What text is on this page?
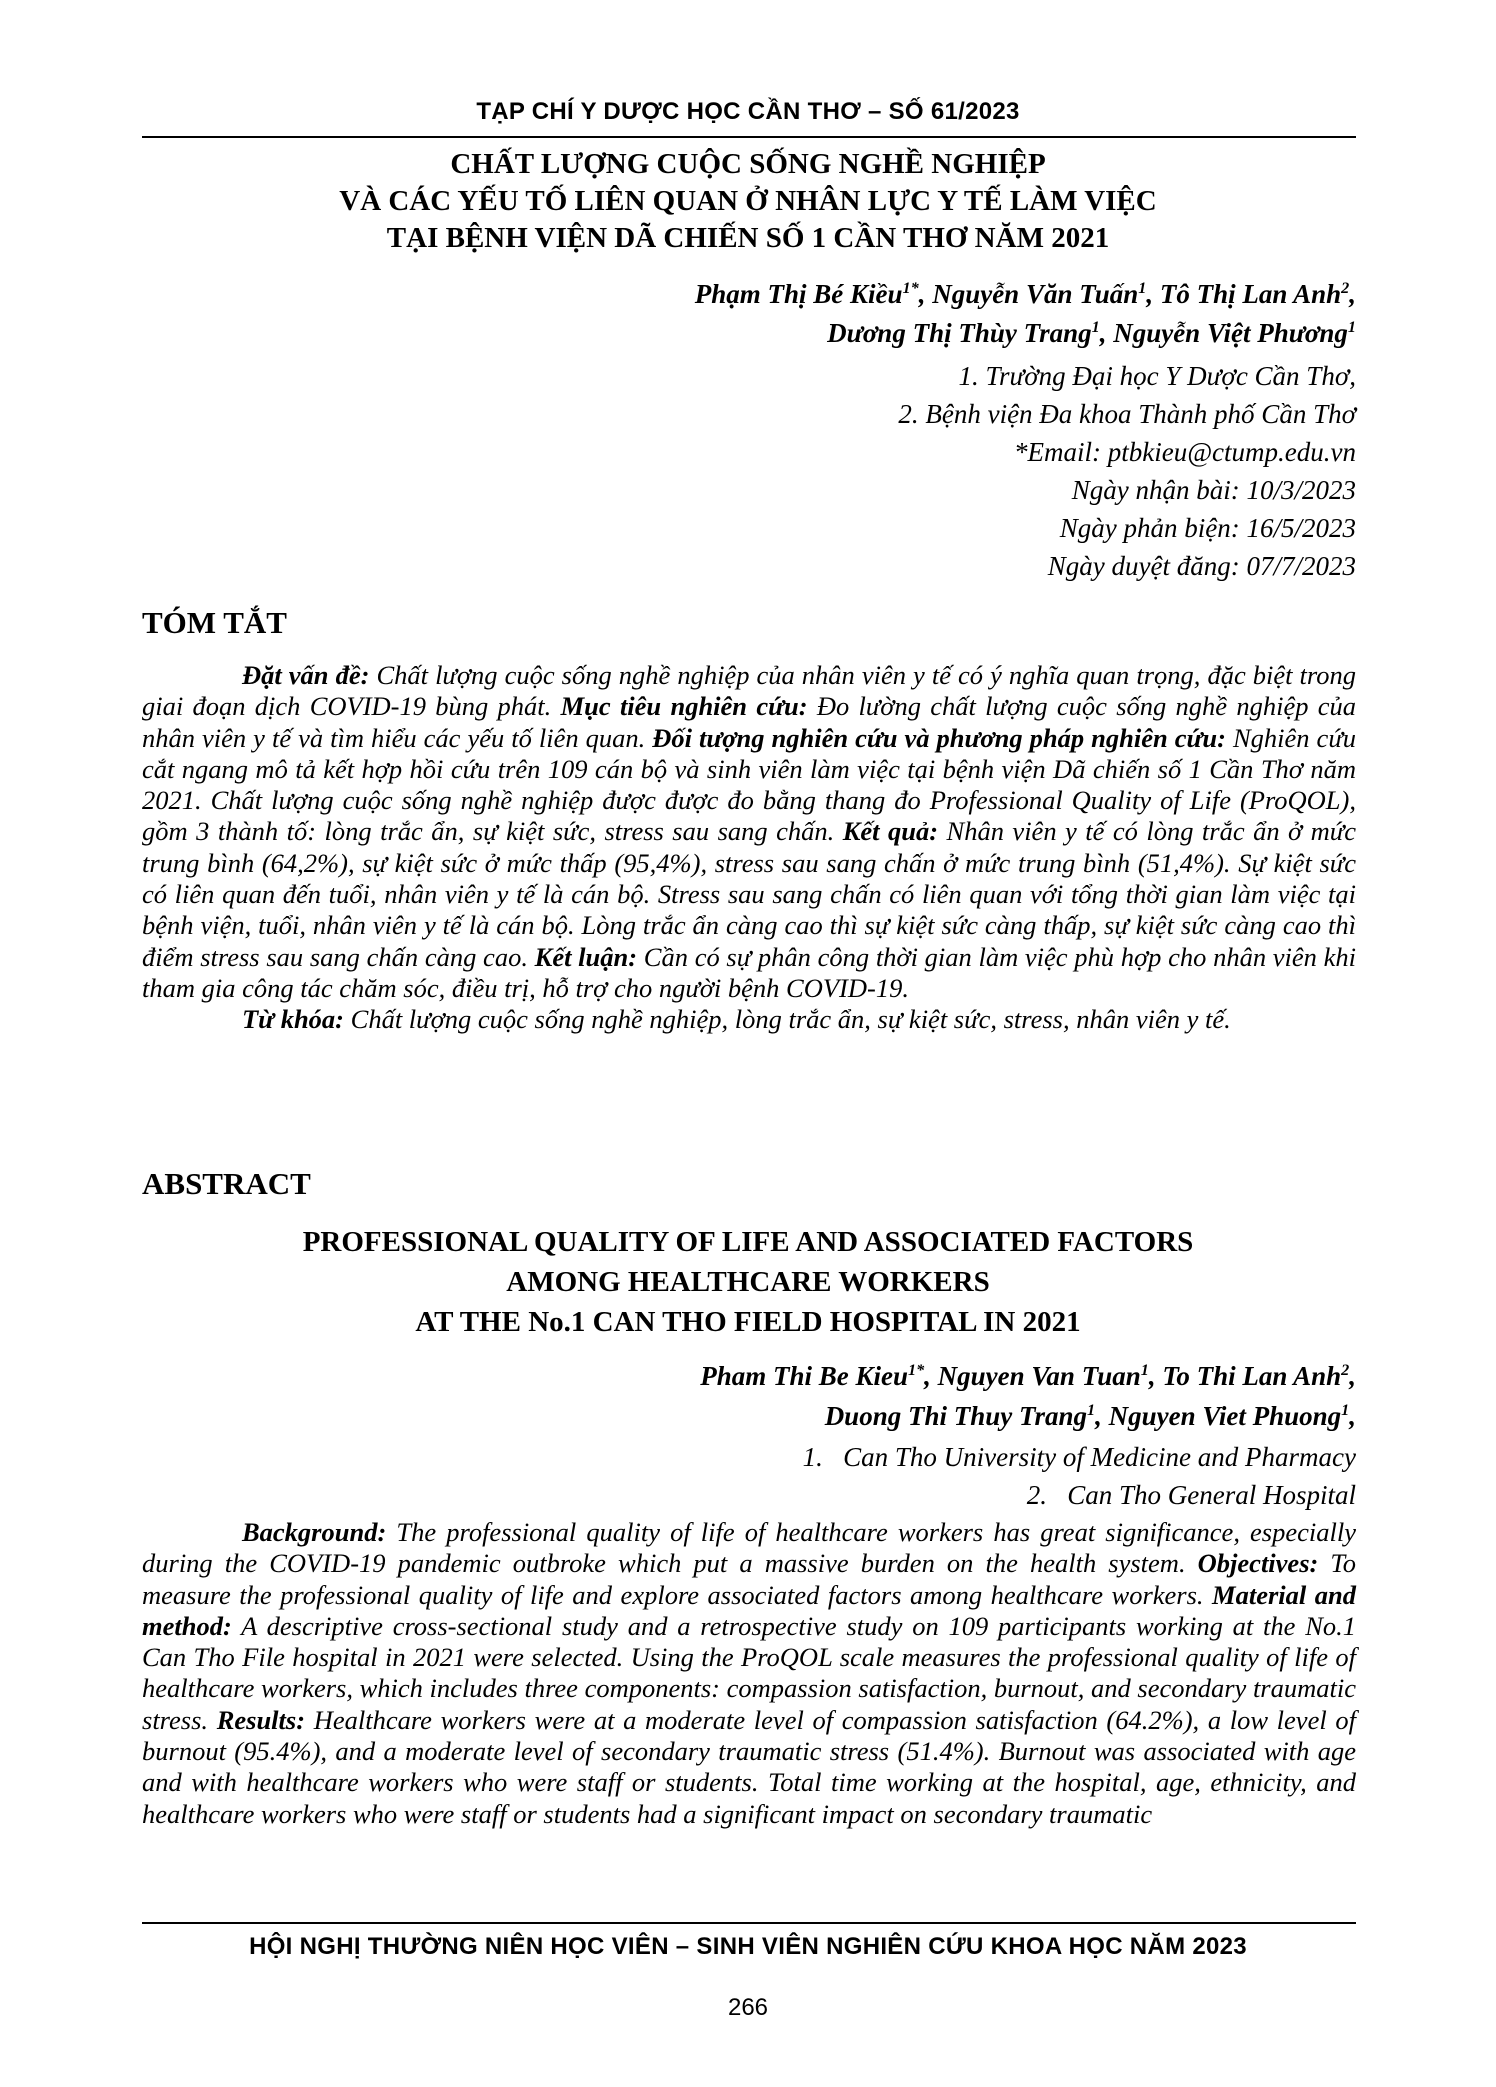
TẠP CHÍ Y DƯỢC HỌC CẦN THƠ – SỐ 61/2023
CHẤT LƯỢNG CUỘC SỐNG NGHỀ NGHIỆP
VÀ CÁC YẾU TỐ LIÊN QUAN Ở NHÂN LỰC Y TẾ LÀM VIỆC
TẠI BỆNH VIỆN DÃ CHIẾN SỐ 1 CẦN THƠ NĂM 2021
Phạm Thị Bé Kiều$^{1*}$, Nguyễn Văn Tuấn$^1$, Tô Thị Lan Anh$^2$,
Dương Thị Thùy Trang$^1$, Nguyễn Việt Phương$^1$
1. Trường Đại học Y Dược Cần Thơ,
2. Bệnh viện Đa khoa Thành phố Cần Thơ
*Email: ptbkieu@ctump.edu.vn
Ngày nhận bài: 10/3/2023
Ngày phản biện: 16/5/2023
Ngày duyệt đăng: 07/7/2023
TÓM TẮT
Đặt vấn đề: Chất lượng cuộc sống nghề nghiệp của nhân viên y tế có ý nghĩa quan trọng, đặc biệt trong giai đoạn dịch COVID-19 bùng phát. Mục tiêu nghiên cứu: Đo lường chất lượng cuộc sống nghề nghiệp của nhân viên y tế và tìm hiểu các yếu tố liên quan. Đối tượng nghiên cứu và phương pháp nghiên cứu: Nghiên cứu cắt ngang mô tả kết hợp hồi cứu trên 109 cán bộ và sinh viên làm việc tại bệnh viện Dã chiến số 1 Cần Thơ năm 2021. Chất lượng cuộc sống nghề nghiệp được được đo bằng thang đo Professional Quality of Life (ProQOL), gồm 3 thành tố: lòng trắc ẩn, sự kiệt sức, stress sau sang chấn. Kết quả: Nhân viên y tế có lòng trắc ẩn ở mức trung bình (64,2%), sự kiệt sức ở mức thấp (95,4%), stress sau sang chấn ở mức trung bình (51,4%). Sự kiệt sức có liên quan đến tuổi, nhân viên y tế là cán bộ. Stress sau sang chấn có liên quan với tổng thời gian làm việc tại bệnh viện, tuổi, nhân viên y tế là cán bộ. Lòng trắc ẩn càng cao thì sự kiệt sức càng thấp, sự kiệt sức càng cao thì điểm stress sau sang chấn càng cao. Kết luận: Cần có sự phân công thời gian làm việc phù hợp cho nhân viên khi tham gia công tác chăm sóc, điều trị, hỗ trợ cho người bệnh COVID-19.
Từ khóa: Chất lượng cuộc sống nghề nghiệp, lòng trắc ẩn, sự kiệt sức, stress, nhân viên y tế.
ABSTRACT
PROFESSIONAL QUALITY OF LIFE AND ASSOCIATED FACTORS
AMONG HEALTHCARE WORKERS
AT THE No.1 CAN THO FIELD HOSPITAL IN 2021
Pham Thi Be Kieu$^{1*}$, Nguyen Van Tuan$^1$, To Thi Lan Anh$^2$,
Duong Thi Thuy Trang$^1$, Nguyen Viet Phuong$^1$,
1.   Can Tho University of Medicine and Pharmacy
2.   Can Tho General Hospital
Background: The professional quality of life of healthcare workers has great significance, especially during the COVID-19 pandemic outbroke which put a massive burden on the health system. Objectives: To measure the professional quality of life and explore associated factors among healthcare workers. Material and method: A descriptive cross-sectional study and a retrospective study on 109 participants working at the No.1 Can Tho File hospital in 2021 were selected. Using the ProQOL scale measures the professional quality of life of healthcare workers, which includes three components: compassion satisfaction, burnout, and secondary traumatic stress. Results: Healthcare workers were at a moderate level of compassion satisfaction (64.2%), a low level of burnout (95.4%), and a moderate level of secondary traumatic stress (51.4%). Burnout was associated with age and with healthcare workers who were staff or students. Total time working at the hospital, age, ethnicity, and healthcare workers who were staff or students had a significant impact on secondary traumatic
HỘI NGHỊ THƯỜNG NIÊN HỌC VIÊN – SINH VIÊN NGHIÊN CỨU KHOA HỌC NĂM 2023
266
